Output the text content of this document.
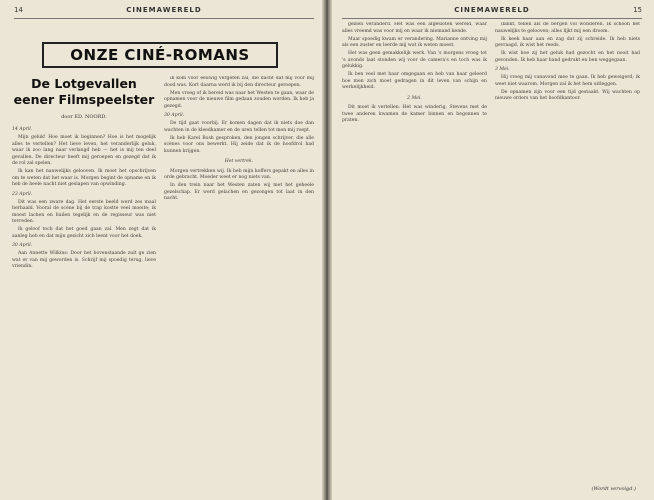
14	CINEMAWERELD
ONZE CINÉ-ROMANS
De Lotgevallen eener Filmspeelster
door ED. NOORD.

14 April.

Mijn geluk! Hoe moet ik beginnen? Hoe is het mogelijk alles te vertellen? Het lieve leven, het veranderlijk geluk, waar ik zoo lang naar verlangd heb — het is mij ten deel gevallen. De directeur heeft mij geroepen en gezegd dat ik de rol zal spelen.

Ik kan het nauwelijks gelooven. Ik moet het opschrijven om te weten dat het waar is. Morgen begint de opname en ik heb de heele nacht niet geslapen van opwinding.

23 April.

Dit was een zware dag. Het eerste beeld werd zes maal herhaald. Vooral de scène bij de trap kostte veel moeite; ik moest lachen en huilen tegelijk en de regisseur was niet tevreden.

Ik geloof toch dat het goed gaan zal. Men zegt dat ik aanleg heb en dat mijn gezicht zich leent voor het doek.

30 April.

Aan Annette Wilkins: Door het bovenstaande zult ge zien wat er van mij geworden is. Schrijf mij spoedig terug, lieve vriendin.

ik kom voor eeuwig vergeten zal, die dacht dat mij voor mij dood was. Kort daarna werd ik bij den directeur geroepen.

Men vroeg of ik bereid was naar het Westen te gaan, waar de opnamen voor de nieuwe film gedaan zouden worden. Ik heb ja gezegd.

30 April.

De tijd gaat voorbij. Er komen dagen dat ik niets doe dan wachten in de kleedkamer en de uren tellen tot men mij roept.

Ik heb Karel Bosh gesproken, den jongen schrijver, die alle scènes voor ons bewerkt. Hij zeide dat ik de hoofdrol had kunnen krijgen.

Het vertrek.

Morgen vertrekken wij. Ik heb mijn koffers gepakt en alles in orde gebracht. Moeder weet er nog niets van.

In den trein naar het Westen zaten wij met het geheele gezelschap. Er werd gelachen en gezongen tot laat in den nacht.

CINEMAWERELD	15

gezien veranderd. Het was een afgesloten wereld, waar alles vreemd was voor mij en waar ik niemand kende.

Maar spoedig kwam er verandering. Marianne ontving mij als een zuster en leerde mij wat ik weten moest.

Het was geen gemakkelijk werk. Van 's morgens vroeg tot 's avonds laat stonden wij voor de camera's en toch was ik gelukkig.

Ik ben veel met haar omgegaan en heb van haar geleerd hoe men zich moet gedragen in dit leven van schijn en werkelijkheid.

2 Mei.

Dit moet ik vertellen. Het was winderig, Stevens met de twee anderen kwamen de kamer binnen en begonnen te praten.

dankt, tellen als de bergen vol wonderen. Ik schoon het nauwelijks te gelooven; alles lijkt mij een droom.

Ik keek haar aan en zag dat zij schreide. Ik heb niets gevraagd, ik wist het reeds.

Ik wist hoe zij het geluk had gezocht en het nooit had gevonden. Ik heb haar hand gedrukt en ben weggegaan.

3 Mei.

Hij vroeg mij vanavond mee te gaan. Ik heb geweigerd; ik weet niet waarom. Morgen zal ik het hem uitleggen.

De opnamen zijn voor een tijd gestaakt. Wij wachten op nieuwe orders van het hoofdkantoor.

(Wordt vervolgd.)
